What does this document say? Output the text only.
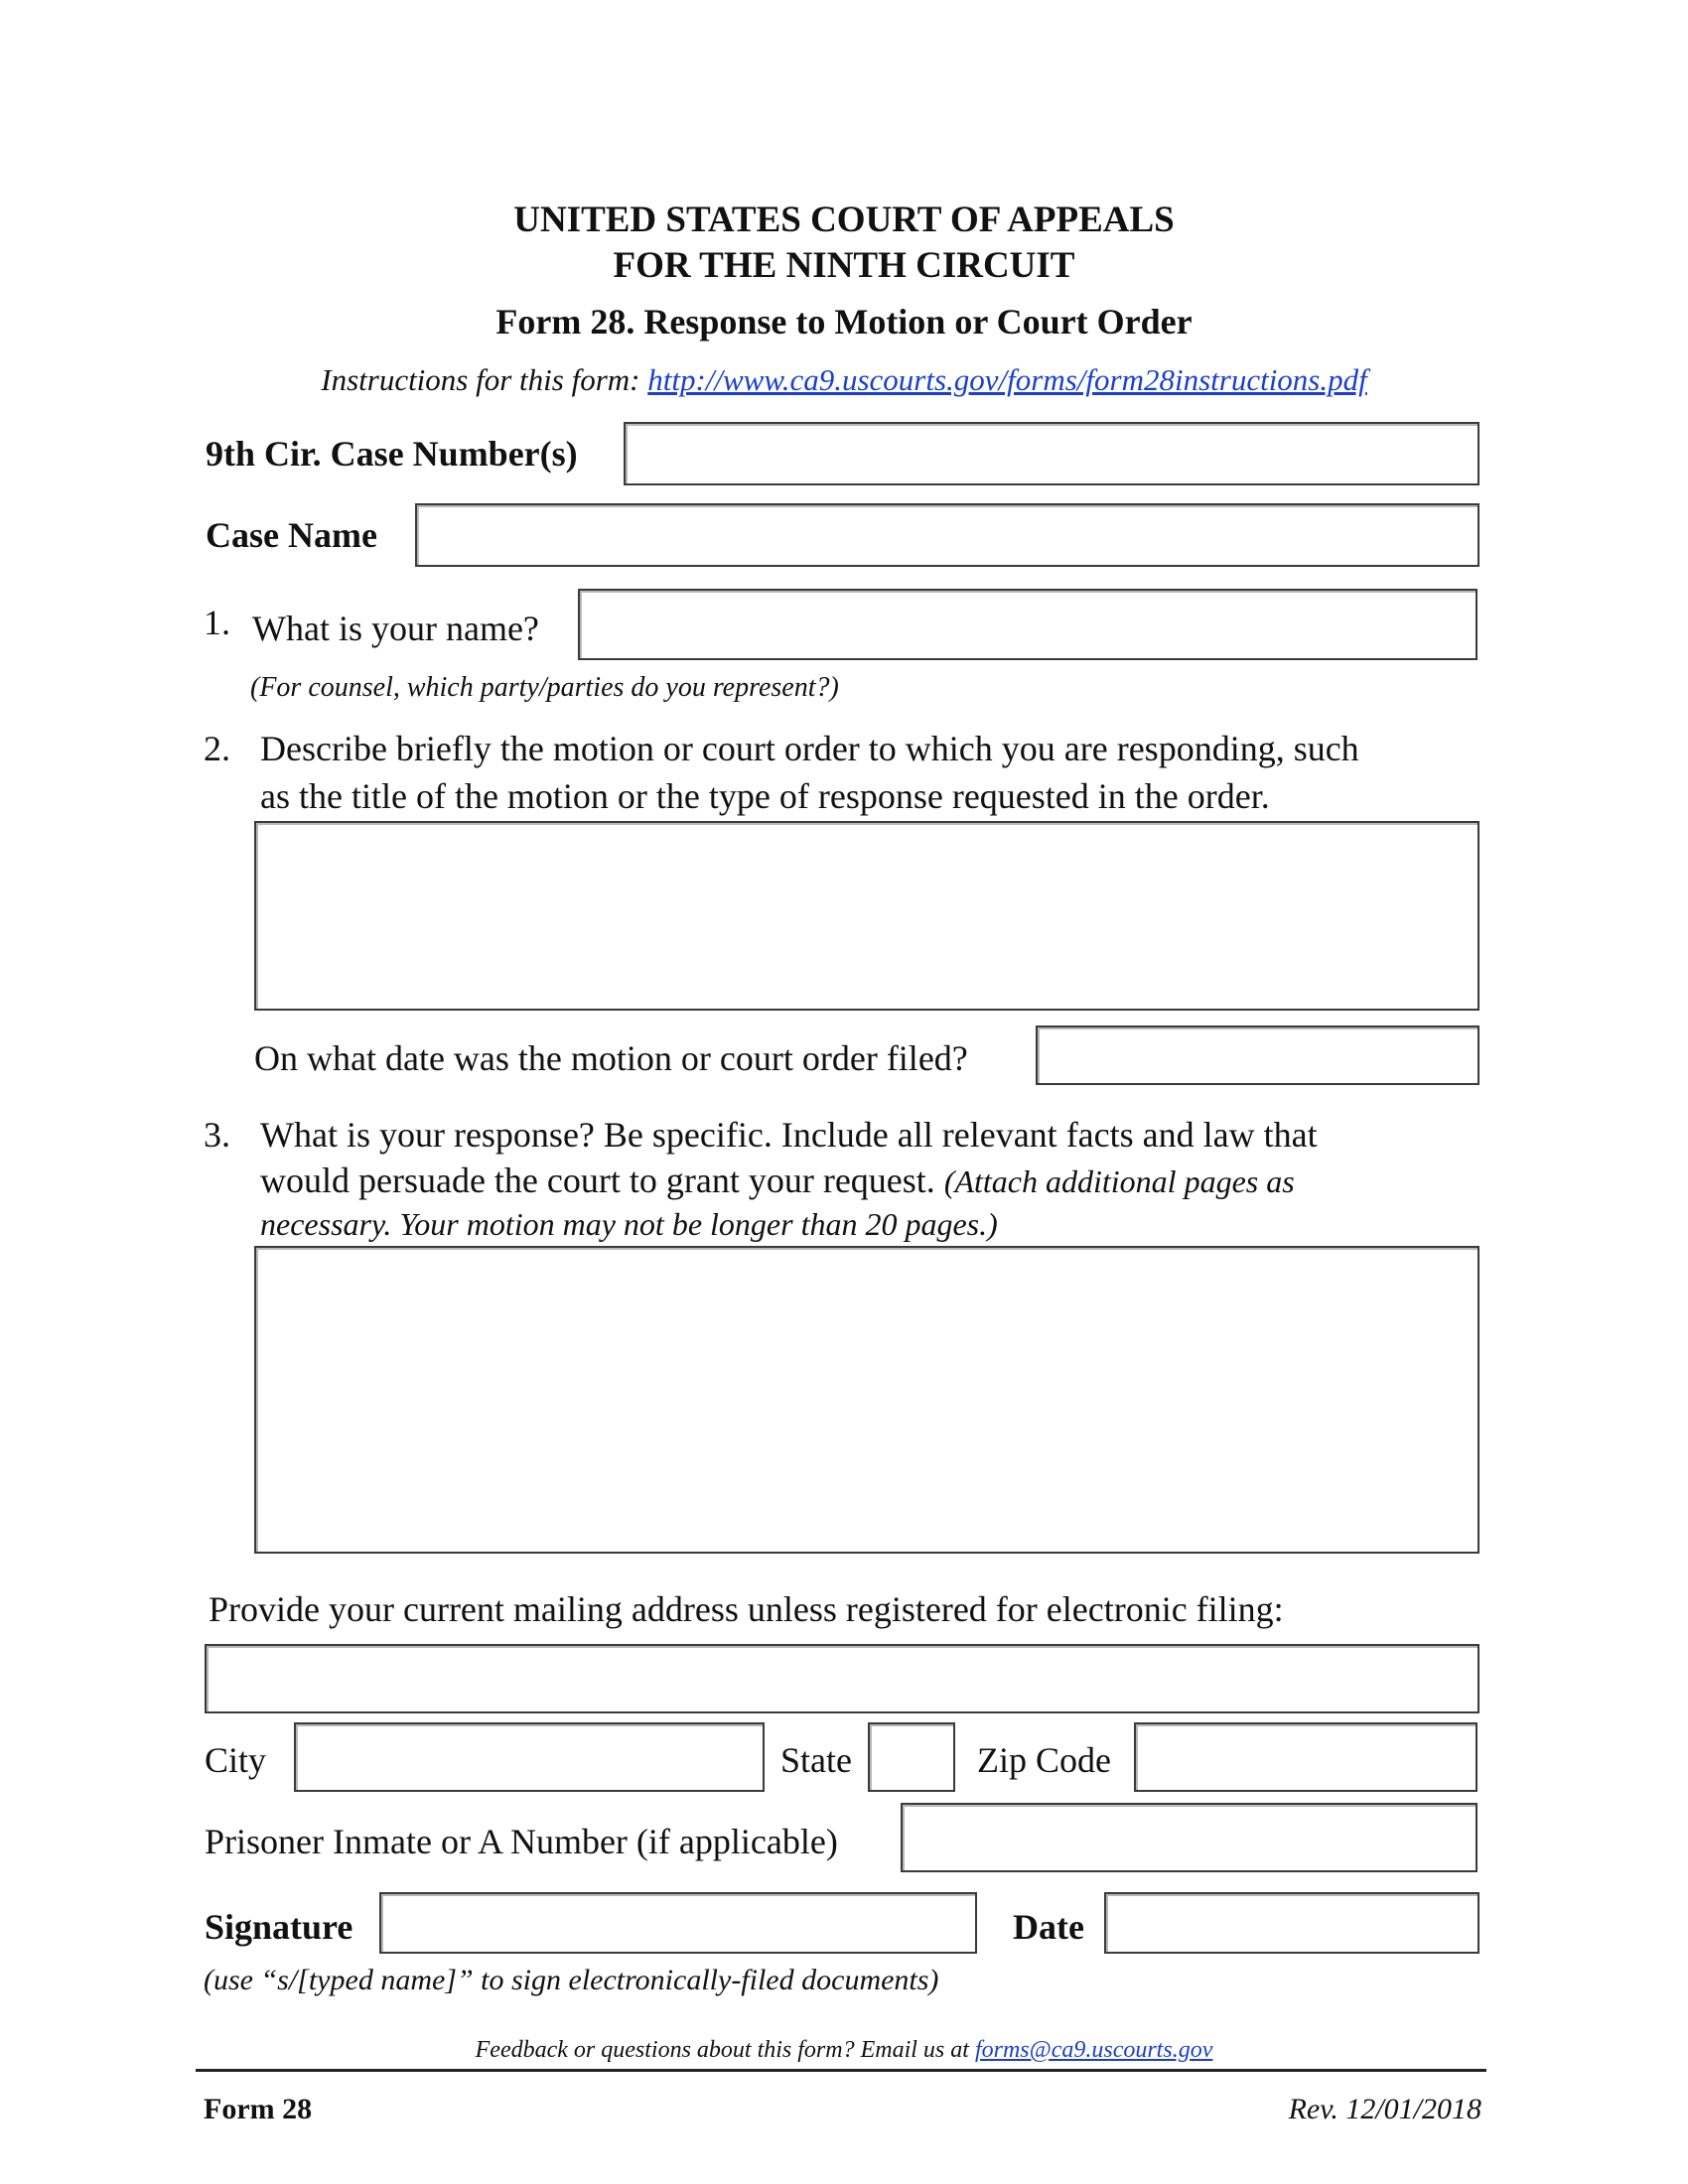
UNITED STATES COURT OF APPEALS
FOR THE NINTH CIRCUIT
Form 28. Response to Motion or Court Order
Instructions for this form: http://www.ca9.uscourts.gov/forms/form28instructions.pdf
9th Cir. Case Number(s)
Case Name
1. What is your name?
(For counsel, which party/parties do you represent?)
2. Describe briefly the motion or court order to which you are responding, such
as the title of the motion or the type of response requested in the order.
On what date was the motion or court order filed?
3. What is your response? Be specific. Include all relevant facts and law that
would persuade the court to grant your request. (Attach additional pages as
necessary. Your motion may not be longer than 20 pages.)
Provide your current mailing address unless registered for electronic filing:
City	State	Zip Code
Prisoner Inmate or A Number (if applicable)
Signature	Date
(use “s/[typed name]” to sign electronically-filed documents)
Feedback or questions about this form? Email us at forms@ca9.uscourts.gov
Form 28	Rev. 12/01/2018
